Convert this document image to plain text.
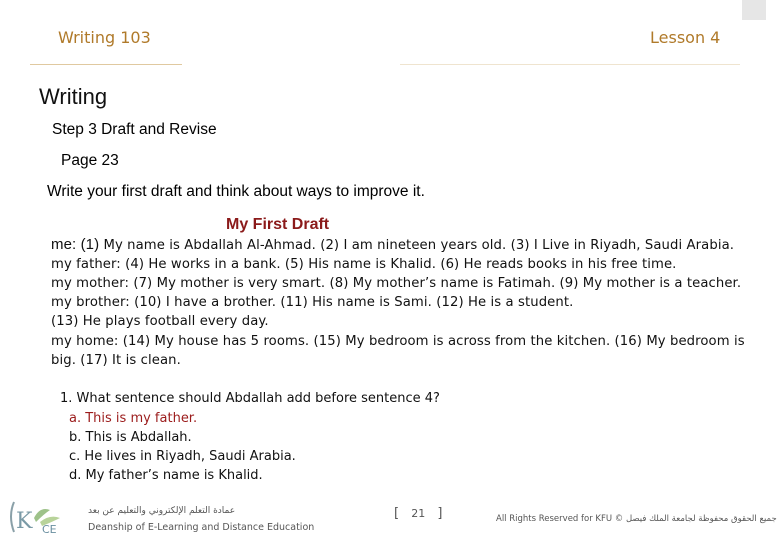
Writing 103	Lesson 4
Writing
Step 3 Draft and Revise
Page 23
Write your first draft and think about ways to improve it.
My First Draft
me: (1) My name is Abdallah Al-Ahmad. (2) I am nineteen years old. (3) I Live in Riyadh, Saudi Arabia.
my father: (4) He works in a bank. (5) His name is Khalid. (6) He reads books in his free time.
my mother: (7) My mother is very smart. (8) My mother’s name is Fatimah. (9) My mother is a teacher.
my brother: (10) I have a brother. (11) His name is Sami. (12) He is a student.
(13) He plays football every day.
my home: (14) My house has 5 rooms. (15) My bedroom is across from the kitchen. (16) My bedroom is
big. (17) It is clean.
1. What sentence should Abdallah add before sentence 4?
a. This is my father.
b. This is Abdallah.
c. He lives in Riyadh, Saudi Arabia.
d. My father’s name is Khalid.
K CE
عمادة التعلم الإلكتروني والتعليم عن بعد
Deanship of E-Learning and Distance Education
[ 21 ]	All Rights Reserved for KFU © جميع الحقوق محفوظة لجامعة الملك فيصل
